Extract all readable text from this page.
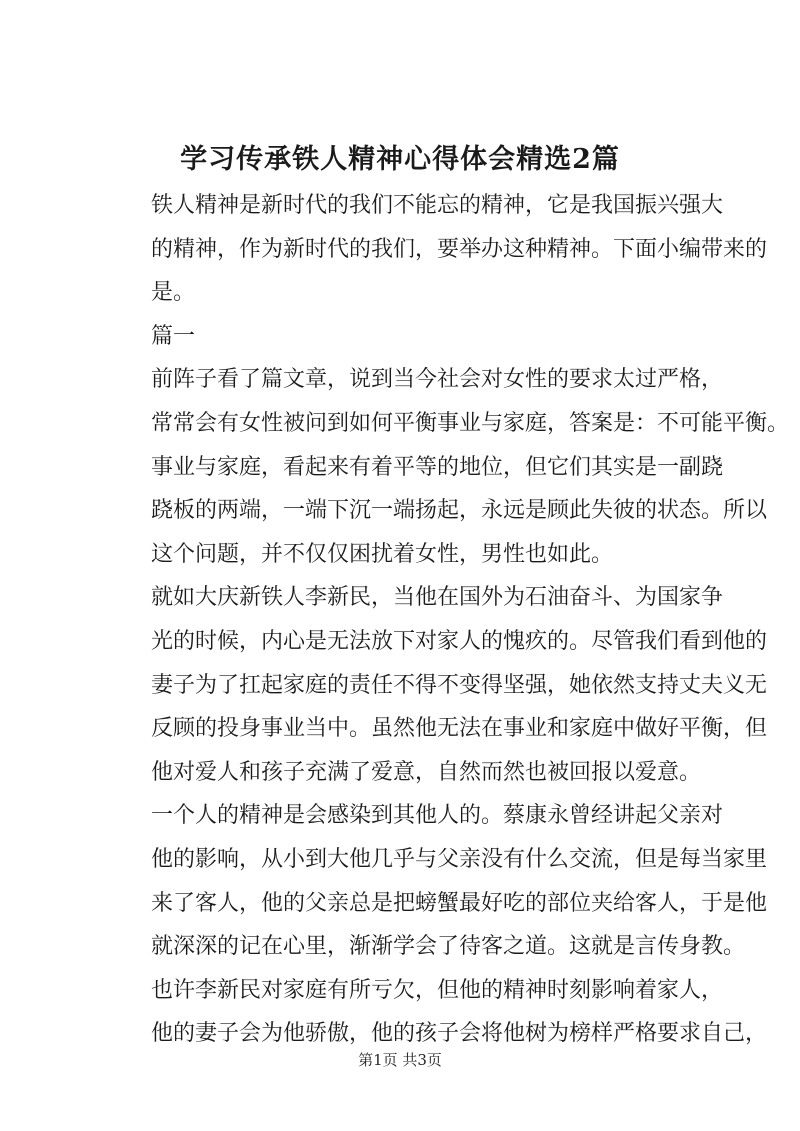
学习传承铁人精神心得体会精选2篇

铁人精神是新时代的我们不能忘的精神，它是我国振兴强大
的精神，作为新时代的我们，要举办这种精神。下面小编带来的
是。

篇一

前阵子看了篇文章，说到当今社会对女性的要求太过严格，
常常会有女性被问到如何平衡事业与家庭，答案是：不可能平衡。

事业与家庭，看起来有着平等的地位，但它们其实是一副跷
跷板的两端，一端下沉一端扬起，永远是顾此失彼的状态。所以
这个问题，并不仅仅困扰着女性，男性也如此。

就如大庆新铁人李新民，当他在国外为石油奋斗、为国家争
光的时候，内心是无法放下对家人的愧疚的。尽管我们看到他的
妻子为了扛起家庭的责任不得不变得坚强，她依然支持丈夫义无
反顾的投身事业当中。虽然他无法在事业和家庭中做好平衡，但
他对爱人和孩子充满了爱意，自然而然也被回报以爱意。

一个人的精神是会感染到其他人的。蔡康永曾经讲起父亲对
他的影响，从小到大他几乎与父亲没有什么交流，但是每当家里
来了客人，他的父亲总是把螃蟹最好吃的部位夹给客人，于是他
就深深的记在心里，渐渐学会了待客之道。这就是言传身教。

也许李新民对家庭有所亏欠，但他的精神时刻影响着家人，
他的妻子会为他骄傲，他的孩子会将他树为榜样严格要求自己，

第1页 共3页
